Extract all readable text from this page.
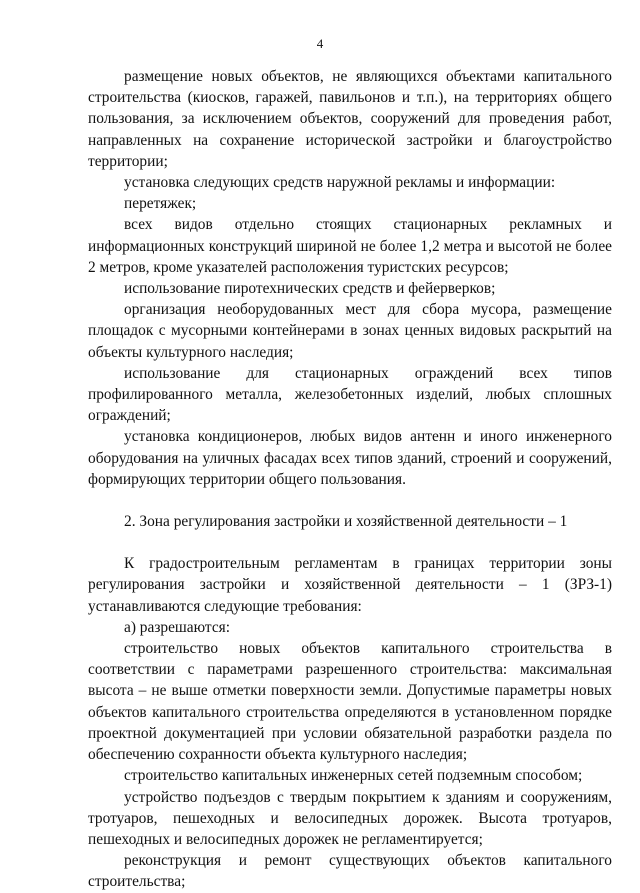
4

размещение новых объектов, не являющихся объектами капитального строительства (киосков, гаражей, павильонов и т.п.), на территориях общего пользования, за исключением объектов, сооружений для проведения работ, направленных на сохранение исторической застройки и благоустройство территории;

установка следующих средств наружной рекламы и информации:

перетяжек;

всех видов отдельно стоящих стационарных рекламных и информационных конструкций шириной не более 1,2 метра и высотой не более 2 метров, кроме указателей расположения туристских ресурсов;

использование пиротехнических средств и фейерверков;

организация необорудованных мест для сбора мусора, размещение площадок с мусорными контейнерами в зонах ценных видовых раскрытий на объекты культурного наследия;

использование для стационарных ограждений всех типов профилированного металла, железобетонных изделий, любых сплошных ограждений;

установка кондиционеров, любых видов антенн и иного инженерного оборудования на уличных фасадах всех типов зданий, строений и сооружений, формирующих территории общего пользования.

2. Зона регулирования застройки и хозяйственной деятельности – 1

К градостроительным регламентам в границах территории зоны регулирования застройки и хозяйственной деятельности – 1 (ЗРЗ-1) устанавливаются следующие требования:

а) разрешаются:

строительство новых объектов капитального строительства в соответствии с параметрами разрешенного строительства: максимальная высота – не выше отметки поверхности земли. Допустимые параметры новых объектов капитального строительства определяются в установленном порядке проектной документацией при условии обязательной разработки раздела по обеспечению сохранности объекта культурного наследия;

строительство капитальных инженерных сетей подземным способом;

устройство подъездов с твердым покрытием к зданиям и сооружениям, тротуаров, пешеходных и велосипедных дорожек. Высота тротуаров, пешеходных и велосипедных дорожек не регламентируется;

реконструкция и ремонт существующих объектов капитального строительства;
